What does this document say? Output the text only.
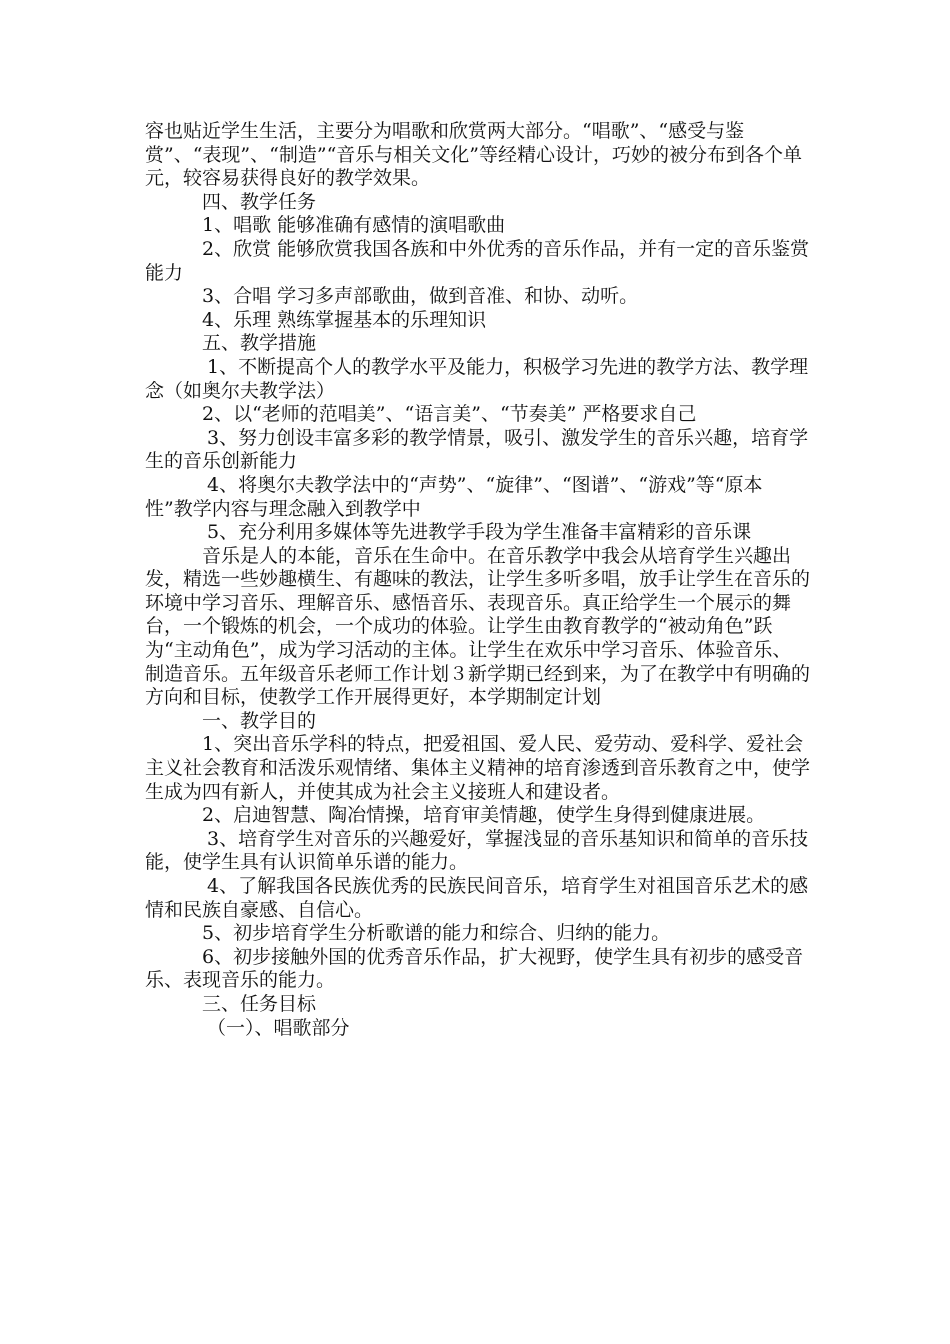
容也贴近学生生活，主要分为唱歌和欣赏两大部分。“唱歌”、“感受与鉴赏”、“表现”、“制造”“音乐与相关文化”等经精心设计，巧妙的被分布到各个单元，较容易获得良好的教学效果。

四、教学任务

1、唱歌 能够准确有感情的演唱歌曲

2、欣赏 能够欣赏我国各族和中外优秀的音乐作品，并有一定的音乐鉴赏能力

3、合唱 学习多声部歌曲，做到音准、和协、动听。

4、乐理 熟练掌握基本的乐理知识

五、教学措施

1、不断提高个人的教学水平及能力，积极学习先进的教学方法、教学理念（如奥尔夫教学法）

2、以“老师的范唱美”、“语言美”、“节奏美” 严格要求自己

3、努力创设丰富多彩的教学情景，吸引、激发学生的音乐兴趣，培育学生的音乐创新能力

4、将奥尔夫教学法中的“声势”、“旋律”、“图谱”、“游戏”等“原本性”教学内容与理念融入到教学中

5、充分利用多媒体等先进教学手段为学生准备丰富精彩的音乐课

音乐是人的本能，音乐在生命中。在音乐教学中我会从培育学生兴趣出发，精选一些妙趣横生、有趣味的教法，让学生多听多唱，放手让学生在音乐的环境中学习音乐、理解音乐、感悟音乐、表现音乐。真正给学生一个展示的舞台，一个锻炼的机会，一个成功的体验。让学生由教育教学的“被动角色”跃为“主动角色”，成为学习活动的主体。让学生在欢乐中学习音乐、体验音乐、制造音乐。五年级音乐老师工作计划３新学期已经到来，为了在教学中有明确的方向和目标，使教学工作开展得更好，本学期制定计划

一、教学目的

1、突出音乐学科的特点，把爱祖国、爱人民、爱劳动、爱科学、爱社会主义社会教育和活泼乐观情绪、集体主义精神的培育渗透到音乐教育之中，使学生成为四有新人，并使其成为社会主义接班人和建设者。

2、启迪智慧、陶冶情操，培育审美情趣，使学生身得到健康进展。

3、培育学生对音乐的兴趣爱好，掌握浅显的音乐基知识和简单的音乐技能，使学生具有认识简单乐谱的能力。

4、了解我国各民族优秀的民族民间音乐，培育学生对祖国音乐艺术的感情和民族自豪感、自信心。

5、初步培育学生分析歌谱的能力和综合、归纳的能力。

6、初步接触外国的优秀音乐作品，扩大视野，使学生具有初步的感受音乐、表现音乐的能力。

三、任务目标

（一）、唱歌部分
